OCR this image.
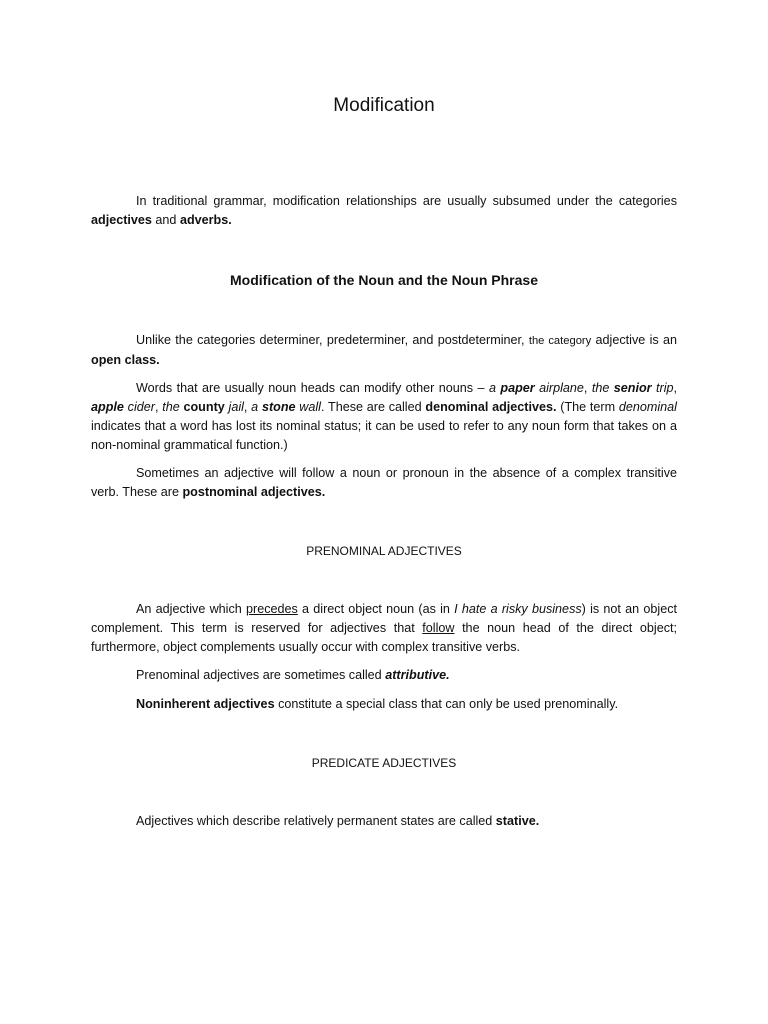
Modification

In traditional grammar, modification relationships are usually subsumed under the categories adjectives and adverbs.

Modification of the Noun and the Noun Phrase

Unlike the categories determiner, predeterminer, and postdeterminer, the category adjective is an open class.

Words that are usually noun heads can modify other nouns – a paper airplane, the senior trip, apple cider, the county jail, a stone wall. These are called denominal adjectives. (The term denominal indicates that a word has lost its nominal status; it can be used to refer to any noun form that takes on a non-nominal grammatical function.)

Sometimes an adjective will follow a noun or pronoun in the absence of a complex transitive verb. These are postnominal adjectives.

PRENOMINAL ADJECTIVES

An adjective which precedes a direct object noun (as in I hate a risky business) is not an object complement. This term is reserved for adjectives that follow the noun head of the direct object; furthermore, object complements usually occur with complex transitive verbs.

Prenominal adjectives are sometimes called attributive.

Noninherent adjectives constitute a special class that can only be used prenominally.

PREDICATE ADJECTIVES

Adjectives which describe relatively permanent states are called stative.
